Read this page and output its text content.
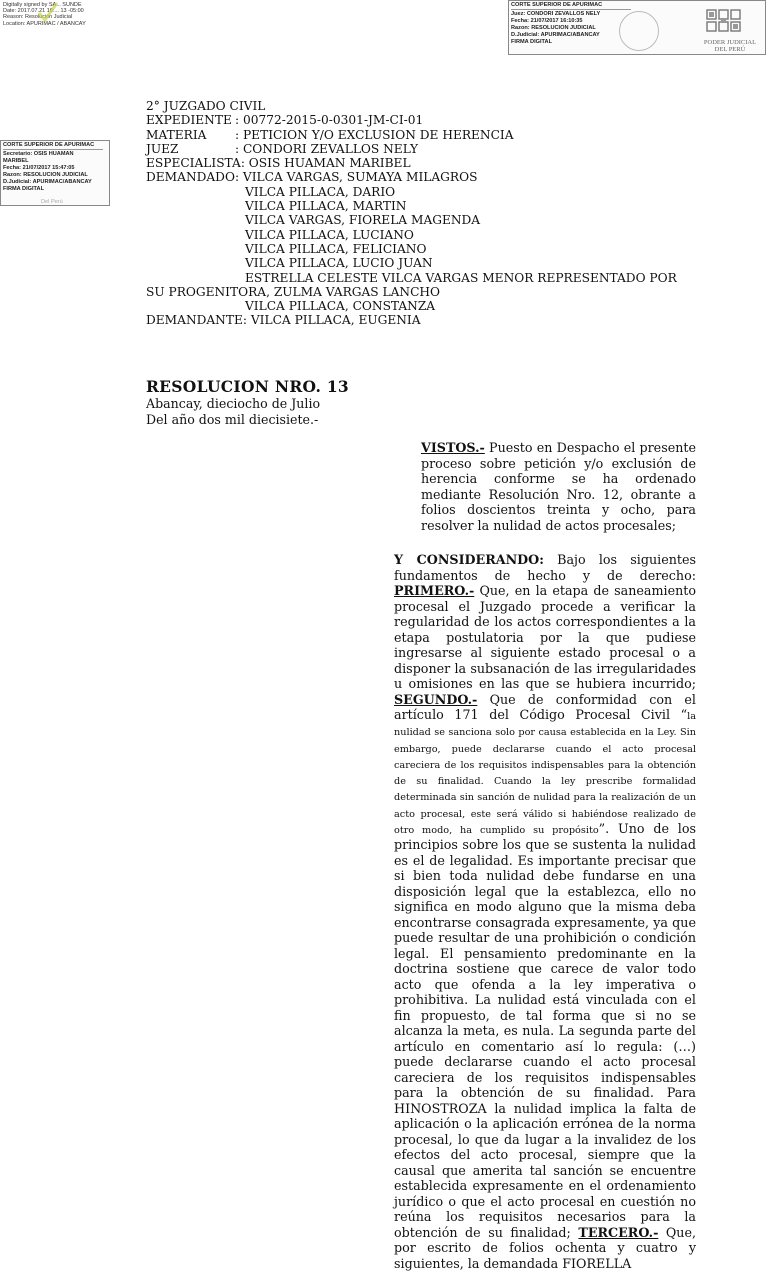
Digitally signed by SA... SUNDE
Date: 2017.07.21 16:... 13 -05:00
Reason: Resolución Judicial
Location: APURIMAC / ABANCAY
CORTE SUPERIOR DE APURIMAC
Juez: CONDORI ZEVALLOS NELY
Fecha: 21/07/2017 16:10:35
Razon: RESOLUCION JUDICIAL
D.Judicial: APURIMAC/ABANCAY
FIRMA DIGITAL	PODER JUDICIAL
DEL PERÚ
CORTE SUPERIOR DE APURIMAC
Secretario: OSIS HUAMAN
MARIBEL
Fecha: 21/07/2017 15:47:05
Razon: RESOLUCION JUDICIAL
D.Judicial: APURIMAC/ABANCAY
FIRMA DIGITAL
Del Perú
2° JUZGADO CIVIL
EXPEDIENTE : 00772-2015-0-0301-JM-CI-01
MATERIA : PETICION Y/O EXCLUSION DE HERENCIA
JUEZ	: CONDORI ZEVALLOS NELY
ESPECIALISTA: OSIS HUAMAN MARIBEL
DEMANDADO: VILCA VARGAS, SUMAYA MILAGROS
VILCA PILLACA, DARIO
VILCA PILLACA, MARTIN
VILCA VARGAS, FIORELA MAGENDA
VILCA PILLACA, LUCIANO
VILCA PILLACA, FELICIANO
VILCA PILLACA, LUCIO JUAN
ESTRELLA CELESTE VILCA VARGAS MENOR REPRESENTADO POR
SU PROGENITORA, ZULMA VARGAS LANCHO
VILCA PILLACA, CONSTANZA
DEMANDANTE: VILCA PILLACA, EUGENIA
RESOLUCION NRO. 13
Abancay, dieciocho de Julio
Del año dos mil diecisiete.-

VISTOS.- Puesto en Despacho el presente proceso sobre petición y/o exclusión de herencia conforme se ha ordenado mediante Resolución Nro. 12, obrante a folios doscientos treinta y ocho, para resolver la nulidad de actos procesales;

Y CONSIDERANDO: Bajo los siguientes fundamentos de hecho y de derecho: PRIMERO.- Que, en la etapa de saneamiento procesal el Juzgado procede a verificar la regularidad de los actos correspondientes a la etapa postulatoria por la que pudiese ingresarse al siguiente estado procesal o a disponer la subsanación de las irregularidades u omisiones en las que se hubiera incurrido; SEGUNDO.- Que de conformidad con el artículo 171 del Código Procesal Civil “la nulidad se sanciona solo por causa establecida en la Ley. Sin embargo, puede declararse cuando el acto procesal careciera de los requisitos indispensables para la obtención de su finalidad. Cuando la ley prescribe formalidad determinada sin sanción de nulidad para la realización de un acto procesal, este será válido si habiéndose realizado de otro modo, ha cumplido su propósito”. Uno de los principios sobre los que se sustenta la nulidad es el de legalidad. Es importante precisar que si bien toda nulidad debe fundarse en una disposición legal que la establezca, ello no significa en modo alguno que la misma deba encontrarse consagrada expresamente, ya que puede resultar de una prohibición o condición legal. El pensamiento predominante en la doctrina sostiene que carece de valor todo acto que ofenda a la ley imperativa o prohibitiva. La nulidad está vinculada con el fin propuesto, de tal forma que si no se alcanza la meta, es nula. La segunda parte del artículo en comentario así lo regula: (…) puede declararse cuando el acto procesal careciera de los requisitos indispensables para la obtención de su finalidad. Para HINOSTROZA la nulidad implica la falta de aplicación o la aplicación errónea de la norma procesal, lo que da lugar a la invalidez de los efectos del acto procesal, siempre que la causal que amerita tal sanción se encuentre establecida expresamente en el ordenamiento jurídico o que el acto procesal en cuestión no reúna los requisitos necesarios para la obtención de su finalidad; TERCERO.- Que, por escrito de folios ochenta y cuatro y siguientes, la demandada FIORELLA
